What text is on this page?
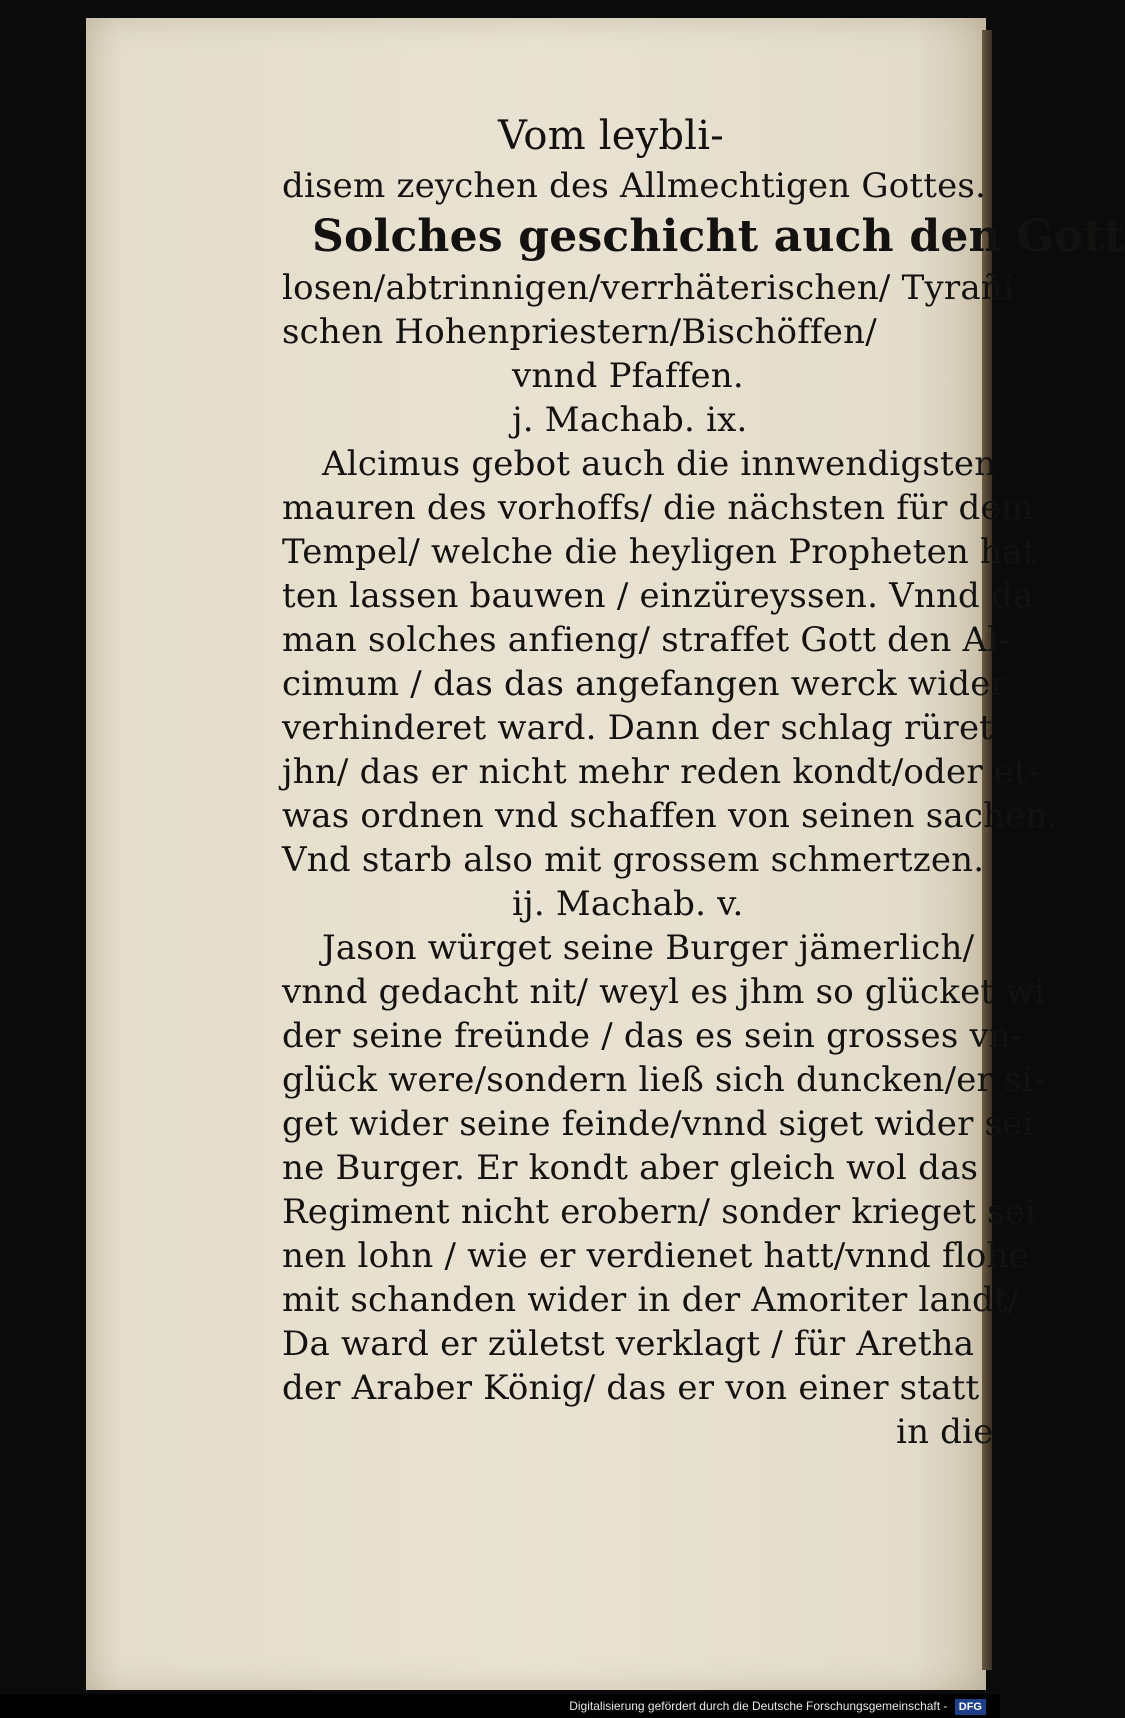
Vom leybli-
disem zeychen des Allmechtigen Gottes.
Solches geschicht auch den Gott
losen/abtrinnigen/verrhäterischen/ Tyrañi
schen Hohenpriestern/Bischöffen/
vnnd Pfaffen.
j. Machab. ix.
Alcimus gebot auch die innwendigsten
mauren des vorhoffs/ die nächsten für dem
Tempel/ welche die heyligen Propheten hat
ten lassen bauwen / einzüreyssen. Vnnd da
man solches anfieng/ straffet Gott den Al-
cimum / das das angefangen werck wider
verhinderet ward. Dann der schlag rüret
jhn/ das er nicht mehr reden kondt/oder et-
was ordnen vnd schaffen von seinen sachen.
Vnd starb also mit grossem schmertzen.
ij. Machab. v.
Jason würget seine Burger jämerlich/
vnnd gedacht nit/ weyl es jhm so glücket wi
der seine freünde / das es sein grosses vn-
glück were/sondern ließ sich duncken/er si-
get wider seine feinde/vnnd siget wider sei
ne Burger. Er kondt aber gleich wol das
Regiment nicht erobern/ sonder krieget sei
nen lohn / wie er verdienet hatt/vnnd flohe
mit schanden wider in der Amoriter landt/
Da ward er zületst verklagt / für Aretha
der Araber König/ das er von einer statt
in die
Digitalisierung gefördert durch die Deutsche Forschungsgemeinschaft - DFG
